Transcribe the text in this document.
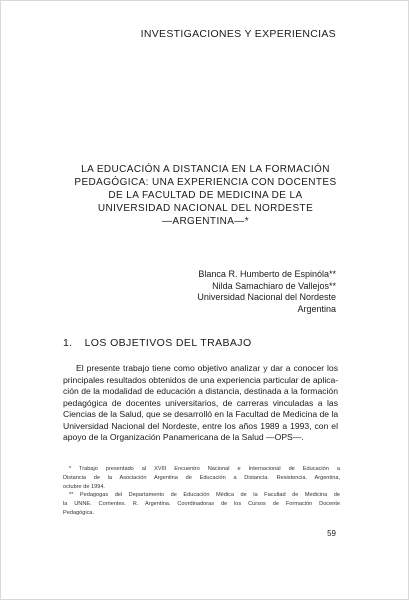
INVESTIGACIONES Y EXPERIENCIAS
LA EDUCACIÓN A DISTANCIA EN LA FORMACIÓN
PEDAGÓGICA: UNA EXPERIENCIA CON DOCENTES
DE LA FACULTAD DE MEDICINA DE LA
UNIVERSIDAD NACIONAL DEL NORDESTE
—ARGENTINA—*
Blanca R. Humberto de Espinóla**
Nilda Samachiaro de Vallejos**
Universidad Nacional del Nordeste
Argentina
1. LOS OBJETIVOS DEL TRABAJO
El presente trabajo tiene como objetivo analizar y dar a conocer los
principales resultados obtenidos de una experiencia particular de aplica-
ción de la modalidad de educación a distancia, destinada a la formación
pedagógica de docentes universitarios, de carreras vinculadas a las
Ciencias de la Salud, que se desarrolló en la Facultad de Medicina de la
Universidad Nacional del Nordeste, entre los años 1989 a 1993, con el
apoyo de la Organización Panamericana de la Salud —OPS—.
* Trabajo presentado al XVIII Encuentro Nacional e Internacional de Educación a
Distancia de la Asociación Argentina de Educación a Distancia. Resistencia. Argentina,
octubre de 1994.
** Pedagogas del Departamento de Educación Médica de la Facultad de Medicina de
la UNNE. Corrientes. R. Argentina. Coordinadoras de los Cursos de Formación Docente
Pedagógica.
59
